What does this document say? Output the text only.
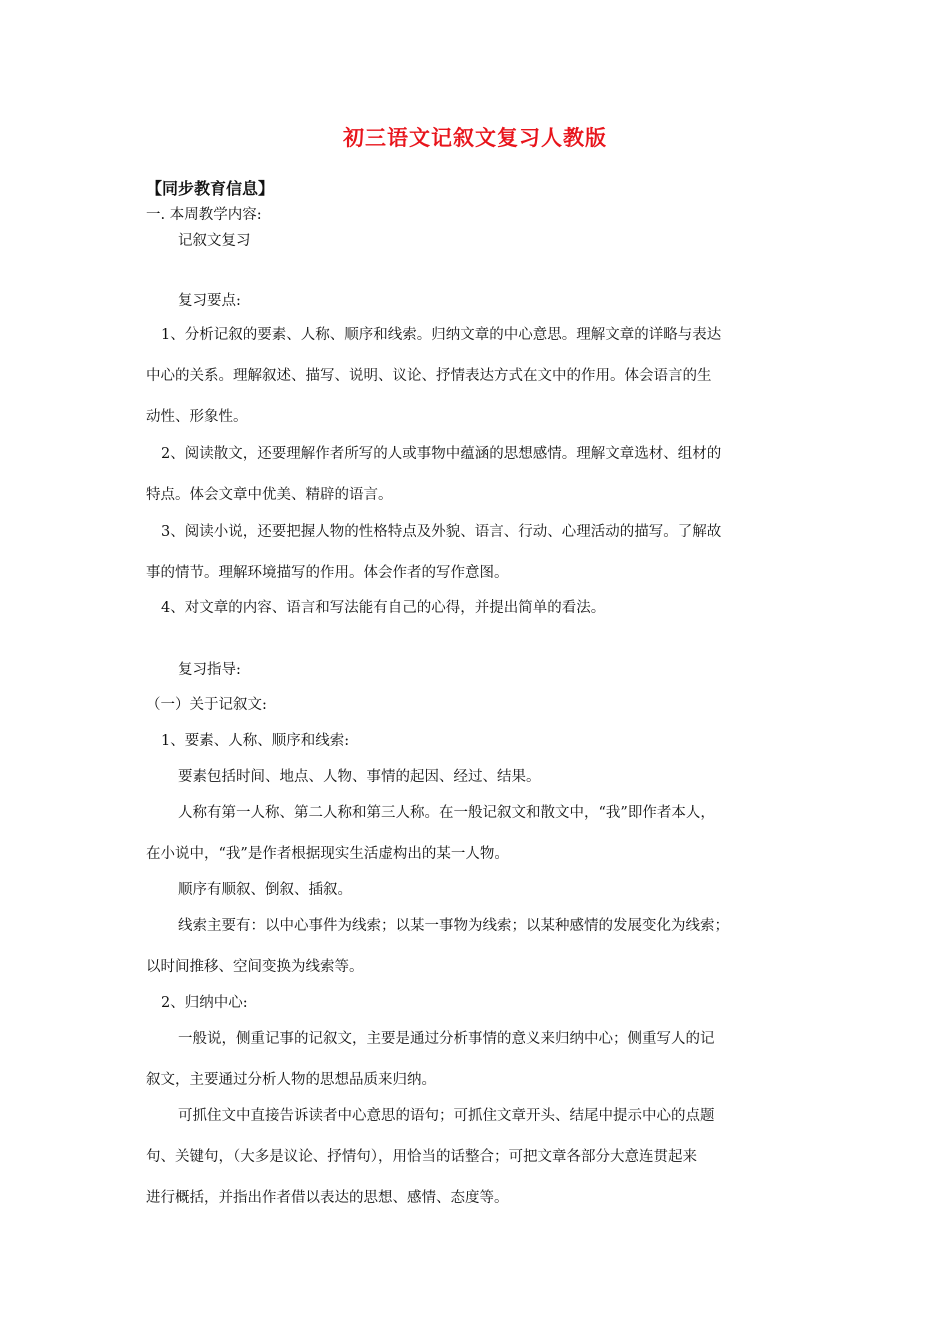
初三语文记叙文复习人教版
【同步教育信息】
一. 本周教学内容:
记叙文复习
复习要点:
1、分析记叙的要素、人称、顺序和线索。归纳文章的中心意思。理解文章的详略与表达
中心的关系。理解叙述、描写、说明、议论、抒情表达方式在文中的作用。体会语言的生
动性、形象性。
2、阅读散文，还要理解作者所写的人或事物中蕴涵的思想感情。理解文章选材、组材的
特点。体会文章中优美、精辟的语言。
3、阅读小说，还要把握人物的性格特点及外貌、语言、行动、心理活动的描写。了解故
事的情节。理解环境描写的作用。体会作者的写作意图。
4、对文章的内容、语言和写法能有自己的心得，并提出简单的看法。
复习指导:
（一）关于记叙文:
1、要素、人称、顺序和线索:
要素包括时间、地点、人物、事情的起因、经过、结果。
人称有第一人称、第二人称和第三人称。在一般记叙文和散文中，“我”即作者本人，
在小说中，“我”是作者根据现实生活虚构出的某一人物。
顺序有顺叙、倒叙、插叙。
线索主要有：以中心事件为线索；以某一事物为线索；以某种感情的发展变化为线索；
以时间推移、空间变换为线索等。
2、归纳中心:
一般说，侧重记事的记叙文，主要是通过分析事情的意义来归纳中心；侧重写人的记
叙文，主要通过分析人物的思想品质来归纳。
可抓住文中直接告诉读者中心意思的语句；可抓住文章开头、结尾中提示中心的点题
句、关键句，（大多是议论、抒情句），用恰当的话整合；可把文章各部分大意连贯起来
进行概括，并指出作者借以表达的思想、感情、态度等。
